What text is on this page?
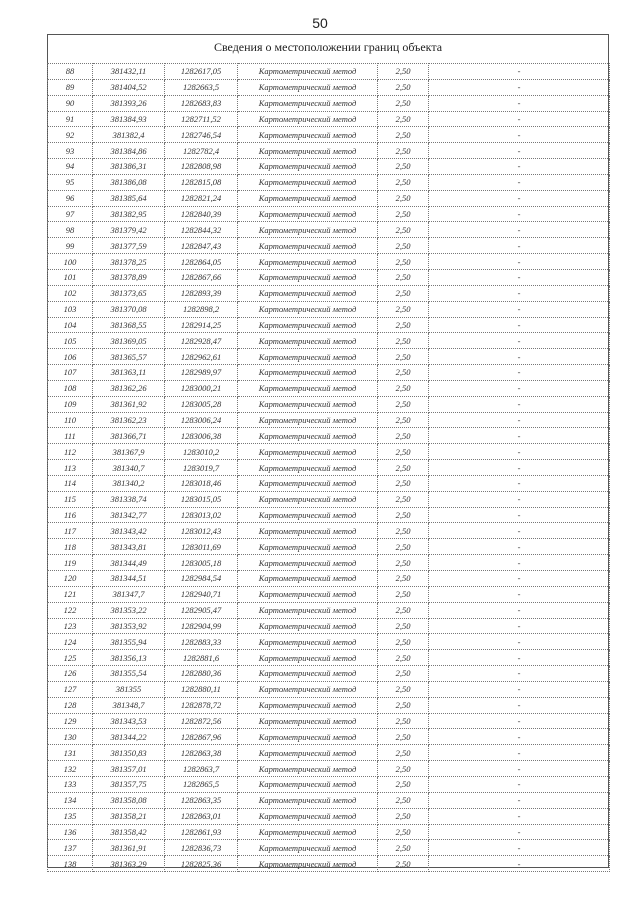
50
Сведения о местоположении границ объекта
88	381432,11	1282617,05	Картометрический метод	2,50	-
89	381404,52	1282663,5	Картометрический метод	2,50	-
90	381393,26	1282683,83	Картометрический метод	2,50	-
91	381384,93	1282711,52	Картометрический метод	2,50	-
92	381382,4	1282746,54	Картометрический метод	2,50	-
93	381384,86	1282782,4	Картометрический метод	2,50	-
94	381386,31	1282808,98	Картометрический метод	2,50	-
95	381386,08	1282815,08	Картометрический метод	2,50	-
96	381385,64	1282821,24	Картометрический метод	2,50	-
97	381382,95	1282840,39	Картометрический метод	2,50	-
98	381379,42	1282844,32	Картометрический метод	2,50	-
99	381377,59	1282847,43	Картометрический метод	2,50	-
100	381378,25	1282864,05	Картометрический метод	2,50	-
101	381378,89	1282867,66	Картометрический метод	2,50	-
102	381373,65	1282893,39	Картометрический метод	2,50	-
103	381370,08	1282898,2	Картометрический метод	2,50	-
104	381368,55	1282914,25	Картометрический метод	2,50	-
105	381369,05	1282928,47	Картометрический метод	2,50	-
106	381365,57	1282962,61	Картометрический метод	2,50	-
107	381363,11	1282989,97	Картометрический метод	2,50	-
108	381362,26	1283000,21	Картометрический метод	2,50	-
109	381361,92	1283005,28	Картометрический метод	2,50	-
110	381362,23	1283006,24	Картометрический метод	2,50	-
111	381366,71	1283006,38	Картометрический метод	2,50	-
112	381367,9	1283010,2	Картометрический метод	2,50	-
113	381340,7	1283019,7	Картометрический метод	2,50	-
114	381340,2	1283018,46	Картометрический метод	2,50	-
115	381338,74	1283015,05	Картометрический метод	2,50	-
116	381342,77	1283013,02	Картометрический метод	2,50	-
117	381343,42	1283012,43	Картометрический метод	2,50	-
118	381343,81	1283011,69	Картометрический метод	2,50	-
119	381344,49	1283005,18	Картометрический метод	2,50	-
120	381344,51	1282984,54	Картометрический метод	2,50	-
121	381347,7	1282940,71	Картометрический метод	2,50	-
122	381353,22	1282905,47	Картометрический метод	2,50	-
123	381353,92	1282904,99	Картометрический метод	2,50	-
124	381355,94	1282883,33	Картометрический метод	2,50	-
125	381356,13	1282881,6	Картометрический метод	2,50	-
126	381355,54	1282880,36	Картометрический метод	2,50	-
127	381355	1282880,11	Картометрический метод	2,50	-
128	381348,7	1282878,72	Картометрический метод	2,50	-
129	381343,53	1282872,56	Картометрический метод	2,50	-
130	381344,22	1282867,96	Картометрический метод	2,50	-
131	381350,83	1282863,38	Картометрический метод	2,50	-
132	381357,01	1282863,7	Картометрический метод	2,50	-
133	381357,75	1282865,5	Картометрический метод	2,50	-
134	381358,08	1282863,35	Картометрический метод	2,50	-
135	381358,21	1282863,01	Картометрический метод	2,50	-
136	381358,42	1282861,93	Картометрический метод	2,50	-
137	381361,91	1282836,73	Картометрический метод	2,50	-
138	381363,29	1282825,36	Картометрический метод	2,50	-
